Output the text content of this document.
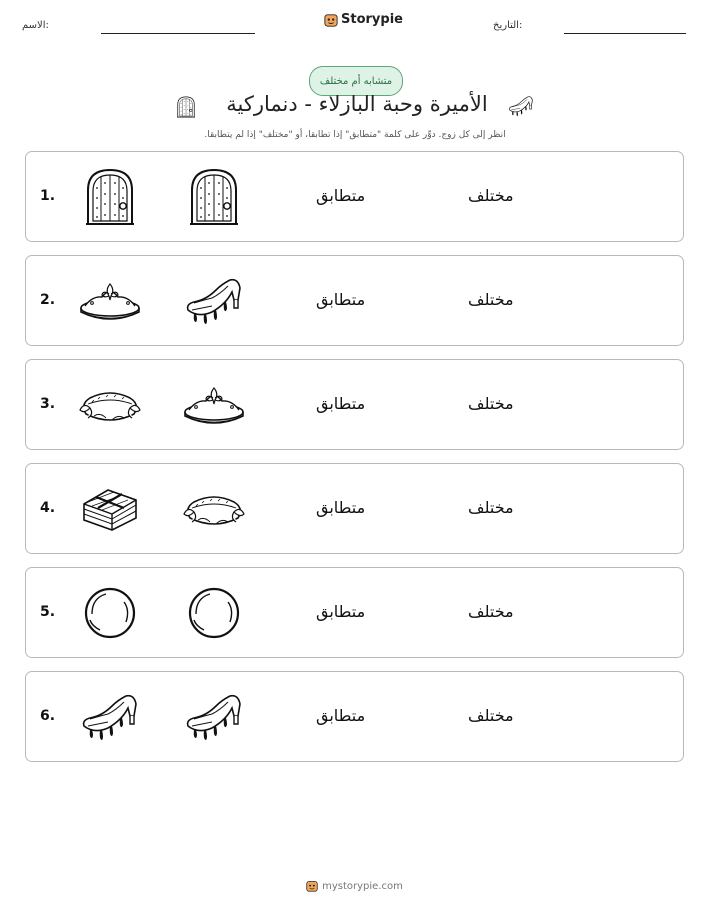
الاسم:	Storypie	التاريخ:
متشابه أم مختلف
الأميرة وحبة البازلاء - دنماركية
انظر إلى كل زوج. دوِّر على كلمة "متطابق" إذا تطابقا، أو "مختلف" إذا لم يتطابقا.
1.	متطابق	مختلف
2.	متطابق	مختلف
3.	متطابق	مختلف
4.	متطابق	مختلف
5.	متطابق	مختلف
6.	متطابق	مختلف
mystorypie.com
